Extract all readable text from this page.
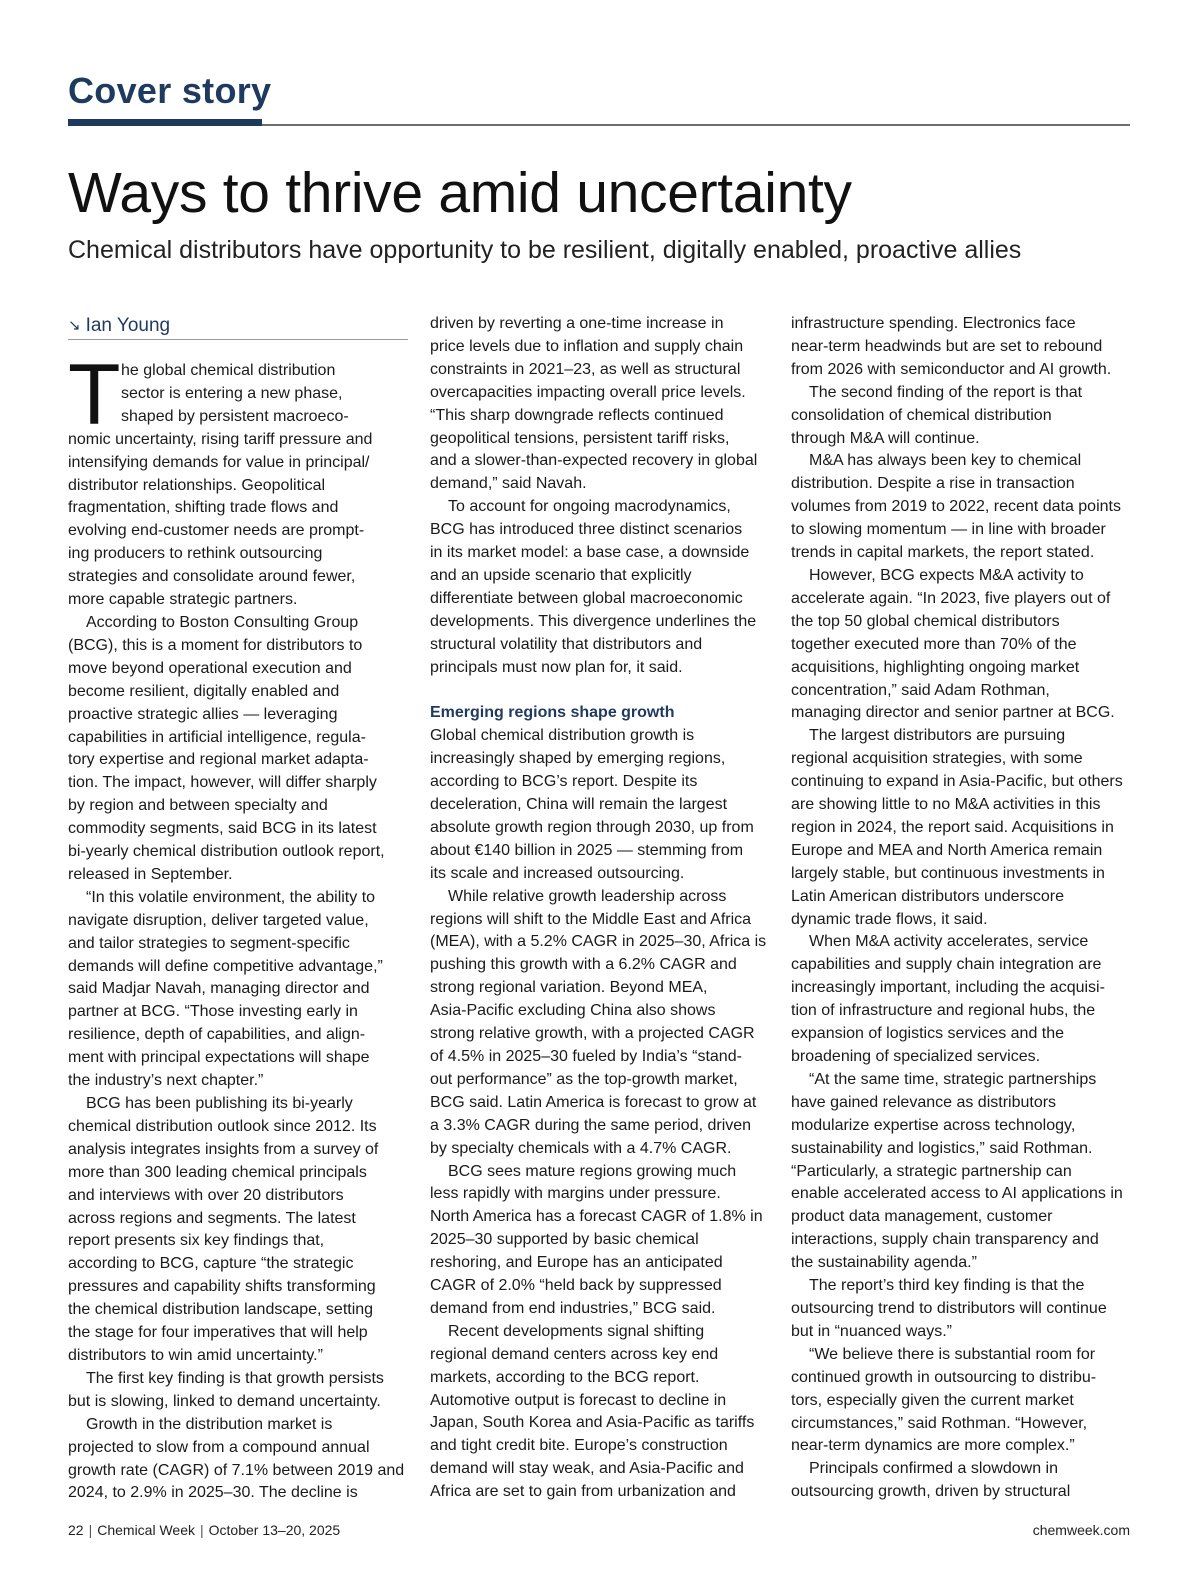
Cover story
Ways to thrive amid uncertainty
Chemical distributors have opportunity to be resilient, digitally enabled, proactive allies
↘ Ian Young
T he global chemical distribution
sector is entering a new phase,
shaped by persistent macroeco-
nomic uncertainty, rising tariff pressure and
intensifying demands for value in principal/
distributor relationships. Geopolitical
fragmentation, shifting trade flows and
evolving end-customer needs are prompt-
ing producers to rethink outsourcing
strategies and consolidate around fewer,
more capable strategic partners.
According to Boston Consulting Group
(BCG), this is a moment for distributors to
move beyond operational execution and
become resilient, digitally enabled and
proactive strategic allies — leveraging
capabilities in artificial intelligence, regula-
tory expertise and regional market adapta-
tion. The impact, however, will differ sharply
by region and between specialty and
commodity segments, said BCG in its latest
bi-yearly chemical distribution outlook report,
released in September.
“In this volatile environment, the ability to
navigate disruption, deliver targeted value,
and tailor strategies to segment-specific
demands will define competitive advantage,”
said Madjar Navah, managing director and
partner at BCG. “Those investing early in
resilience, depth of capabilities, and align-
ment with principal expectations will shape
the industry’s next chapter.”
BCG has been publishing its bi-yearly
chemical distribution outlook since 2012. Its
analysis integrates insights from a survey of
more than 300 leading chemical principals
and interviews with over 20 distributors
across regions and segments. The latest
report presents six key findings that,
according to BCG, capture “the strategic
pressures and capability shifts transforming
the chemical distribution landscape, setting
the stage for four imperatives that will help
distributors to win amid uncertainty.”
The first key finding is that growth persists
but is slowing, linked to demand uncertainty.
Growth in the distribution market is
projected to slow from a compound annual
growth rate (CAGR) of 7.1% between 2019 and
2024, to 2.9% in 2025–30. The decline is
driven by reverting a one-time increase in
price levels due to inflation and supply chain
constraints in 2021–23, as well as structural
overcapacities impacting overall price levels.
“This sharp downgrade reflects continued
geopolitical tensions, persistent tariff risks,
and a slower-than-expected recovery in global
demand,” said Navah.
To account for ongoing macrodynamics,
BCG has introduced three distinct scenarios
in its market model: a base case, a downside
and an upside scenario that explicitly
differentiate between global macroeconomic
developments. This divergence underlines the
structural volatility that distributors and
principals must now plan for, it said.
Emerging regions shape growth
Global chemical distribution growth is
increasingly shaped by emerging regions,
according to BCG’s report. Despite its
deceleration, China will remain the largest
absolute growth region through 2030, up from
about €140 billion in 2025 — stemming from
its scale and increased outsourcing.
While relative growth leadership across
regions will shift to the Middle East and Africa
(MEA), with a 5.2% CAGR in 2025–30, Africa is
pushing this growth with a 6.2% CAGR and
strong regional variation. Beyond MEA,
Asia-Pacific excluding China also shows
strong relative growth, with a projected CAGR
of 4.5% in 2025–30 fueled by India’s “stand-
out performance” as the top-growth market,
BCG said. Latin America is forecast to grow at
a 3.3% CAGR during the same period, driven
by specialty chemicals with a 4.7% CAGR.
BCG sees mature regions growing much
less rapidly with margins under pressure.
North America has a forecast CAGR of 1.8% in
2025–30 supported by basic chemical
reshoring, and Europe has an anticipated
CAGR of 2.0% “held back by suppressed
demand from end industries,” BCG said.
Recent developments signal shifting
regional demand centers across key end
markets, according to the BCG report.
Automotive output is forecast to decline in
Japan, South Korea and Asia-Pacific as tariffs
and tight credit bite. Europe’s construction
demand will stay weak, and Asia-Pacific and
Africa are set to gain from urbanization and
infrastructure spending. Electronics face
near-term headwinds but are set to rebound
from 2026 with semiconductor and AI growth.
The second finding of the report is that
consolidation of chemical distribution
through M&A will continue.
M&A has always been key to chemical
distribution. Despite a rise in transaction
volumes from 2019 to 2022, recent data points
to slowing momentum — in line with broader
trends in capital markets, the report stated.
However, BCG expects M&A activity to
accelerate again. “In 2023, five players out of
the top 50 global chemical distributors
together executed more than 70% of the
acquisitions, highlighting ongoing market
concentration,” said Adam Rothman,
managing director and senior partner at BCG.
The largest distributors are pursuing
regional acquisition strategies, with some
continuing to expand in Asia-Pacific, but others
are showing little to no M&A activities in this
region in 2024, the report said. Acquisitions in
Europe and MEA and North America remain
largely stable, but continuous investments in
Latin American distributors underscore
dynamic trade flows, it said.
When M&A activity accelerates, service
capabilities and supply chain integration are
increasingly important, including the acquisi-
tion of infrastructure and regional hubs, the
expansion of logistics services and the
broadening of specialized services.
“At the same time, strategic partnerships
have gained relevance as distributors
modularize expertise across technology,
sustainability and logistics,” said Rothman.
“Particularly, a strategic partnership can
enable accelerated access to AI applications in
product data management, customer
interactions, supply chain transparency and
the sustainability agenda.”
The report’s third key finding is that the
outsourcing trend to distributors will continue
but in “nuanced ways.”
“We believe there is substantial room for
continued growth in outsourcing to distribu-
tors, especially given the current market
circumstances,” said Rothman. “However,
near-term dynamics are more complex.”
Principals confirmed a slowdown in
outsourcing growth, driven by structural
22 | Chemical Week | October 13–20, 2025	chemweek.com
